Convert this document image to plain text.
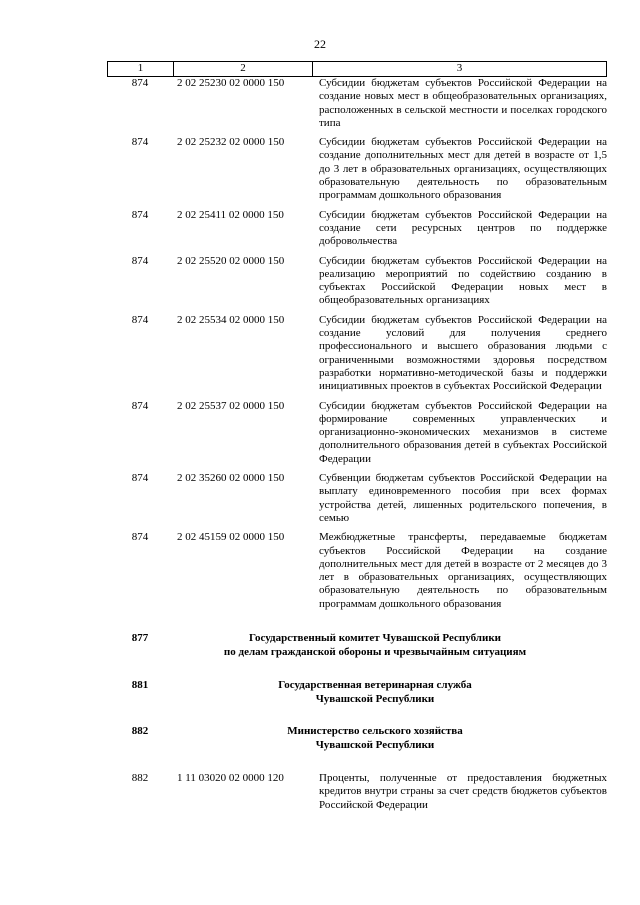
22
1	2	3
874	2 02 25230 02 0000 150	Субсидии бюджетам субъектов Российской Федерации на создание новых мест в общеобразовательных организациях, расположенных в сельской местности и поселках городского типа
874	2 02 25232 02 0000 150	Субсидии бюджетам субъектов Российской Федерации на создание дополнительных мест для детей в возрасте от 1,5 до 3 лет в образовательных организациях, осуществляющих образовательную деятельность по образовательным программам дошкольного образования
874	2 02 25411 02 0000 150	Субсидии бюджетам субъектов Российской Федерации на создание сети ресурсных центров по поддержке добровольчества
874	2 02 25520 02 0000 150	Субсидии бюджетам субъектов Российской Федерации на реализацию мероприятий по содействию созданию в субъектах Российской Федерации новых мест в общеобразовательных организациях
874	2 02 25534 02 0000 150	Субсидии бюджетам субъектов Российской Федерации на создание условий для получения среднего профессионального и высшего образования людьми с ограниченными возможностями здоровья посредством разработки нормативно-методической базы и поддержки инициативных проектов в субъектах Российской Федерации
874	2 02 25537 02 0000 150	Субсидии бюджетам субъектов Российской Федерации на формирование современных управленческих и организационно-экономических механизмов в системе дополнительного образования детей в субъектах Российской Федерации
874	2 02 35260 02 0000 150	Субвенции бюджетам субъектов Российской Федерации на выплату единовременного пособия при всех формах устройства детей, лишенных родительского попечения, в семью
874	2 02 45159 02 0000 150	Межбюджетные трансферты, передаваемые бюджетам субъектов Российской Федерации на создание дополнительных мест для детей в возрасте от 2 месяцев до 3 лет в образовательных организациях, осуществляющих образовательную деятельность по образовательным программам дошкольного образования
877	Государственный комитет Чувашской Республики
по делам гражданской обороны и чрезвычайным ситуациям
881	Государственная ветеринарная служба
Чувашской Республики
882	Министерство сельского хозяйства
Чувашской Республики
882	1 11 03020 02 0000 120	Проценты, полученные от предоставления бюджетных кредитов внутри страны за счет средств бюджетов субъектов Российской Федерации
